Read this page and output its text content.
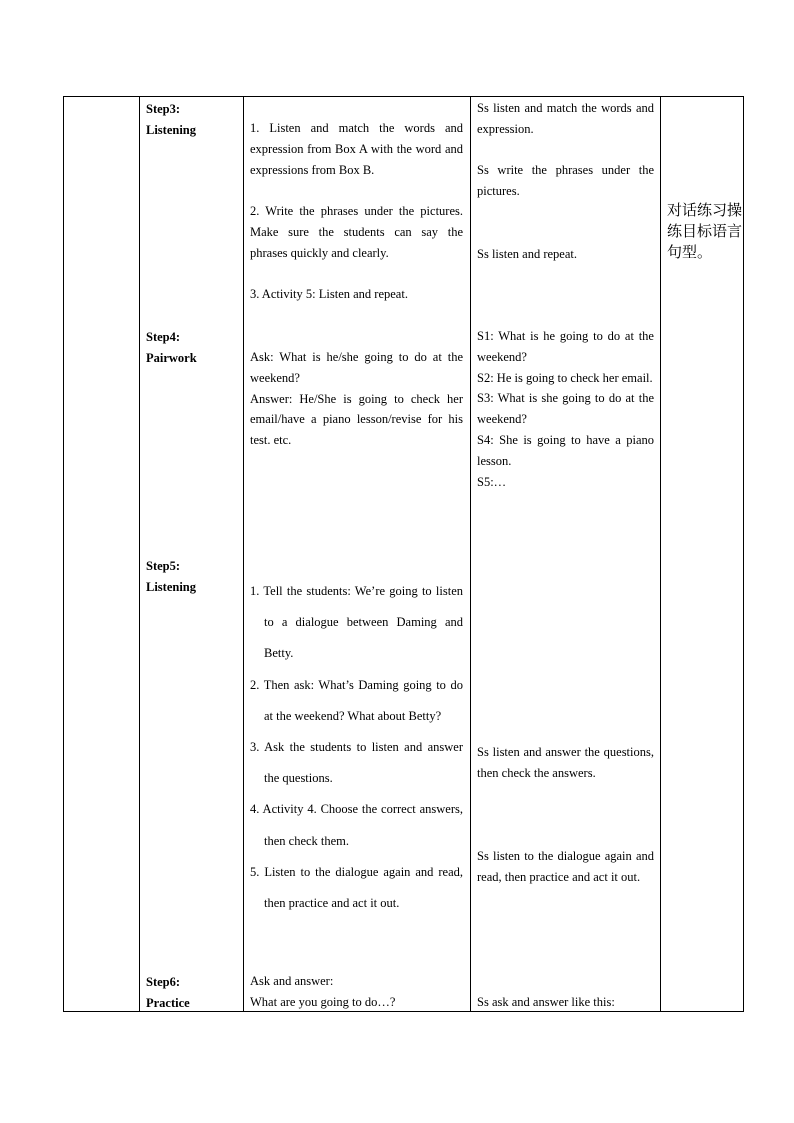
Step3:
Listening
Step4:
Pairwork
Step5:
Listening
Step6:
Practice
1. Listen and match the words and expression from Box A with the word and expressions from Box B.
2. Write the phrases under the pictures. Make sure the students can say the phrases quickly and clearly.
3. Activity 5: Listen and repeat.
Ask: What is he/she going to do at the weekend?
Answer: He/She is going to check her email/have a piano lesson/revise for his test. etc.
1. Tell the students: We’re going to listen to a dialogue between Daming and Betty.
2. Then ask: What’s Daming going to do at the weekend? What about Betty?
3. Ask the students to listen and answer the questions.
4. Activity 4. Choose the correct answers, then check them.
5. Listen to the dialogue again and read, then practice and act it out.
Ask and answer:
What are you going to do…?
Ss listen and match the words and expression.
Ss write the phrases under the pictures.
Ss listen and repeat.
S1: What is he going to do at the weekend?
S2: He is going to check her email.
S3: What is she going to do at the weekend?
S4: She is going to have a piano lesson.
S5:…
Ss listen and answer the questions, then check the answers.
Ss listen to the dialogue again and read, then practice and act it out.
Ss ask and answer like this:
对话练习操练目标语言句型。
